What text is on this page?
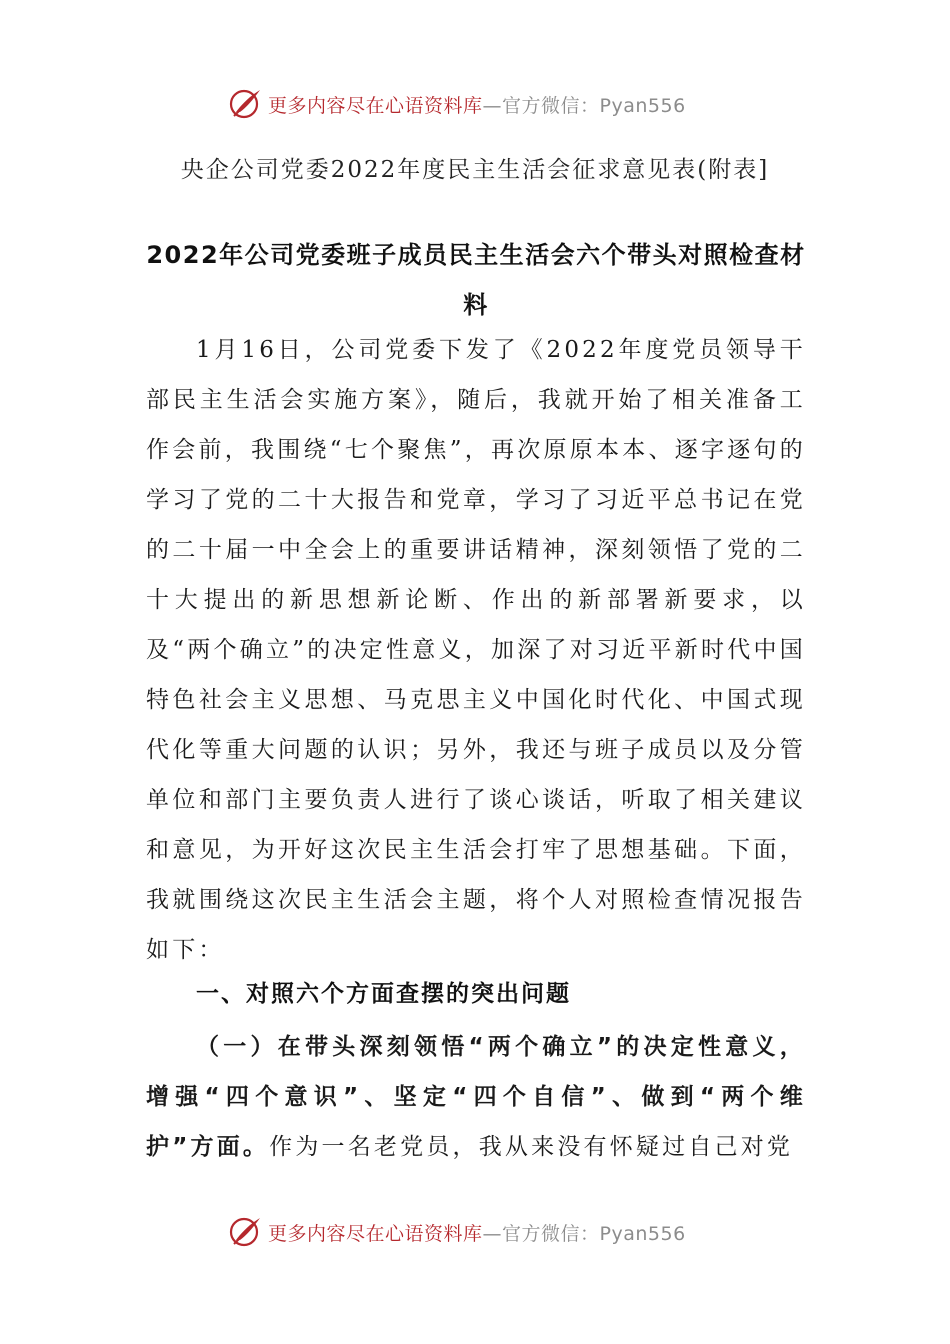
更多内容尽在心语资料库—官方微信：Pyan556
央企公司党委2022年度民主生活会征求意见表(附表]
2022年公司党委班子成员民主生活会六个带头对照检查材料
1月16日，公司党委下发了《2022年度党员领导干部民主生活会实施方案》，随后，我就开始了相关准备工作会前，我围绕“七个聚焦”，再次原原本本、逐字逐句的学习了党的二十大报告和党章，学习了习近平总书记在党的二十届一中全会上的重要讲话精神，深刻领悟了党的二十大提出的新思想新论断、作出的新部署新要求，以及“两个确立”的决定性意义，加深了对习近平新时代中国特色社会主义思想、马克思主义中国化时代化、中国式现代化等重大问题的认识；另外，我还与班子成员以及分管单位和部门主要负责人进行了谈心谈话，听取了相关建议和意见，为开好这次民主生活会打牢了思想基础。下面，我就围绕这次民主生活会主题，将个人对照检查情况报告如下：
一、对照六个方面查摆的突出问题
（一）在带头深刻领悟“两个确立”的决定性意义，增强“四个意识”、坚定“四个自信”、做到“两个维护”方面。作为一名老党员，我从来没有怀疑过自己对党
更多内容尽在心语资料库—官方微信：Pyan556
